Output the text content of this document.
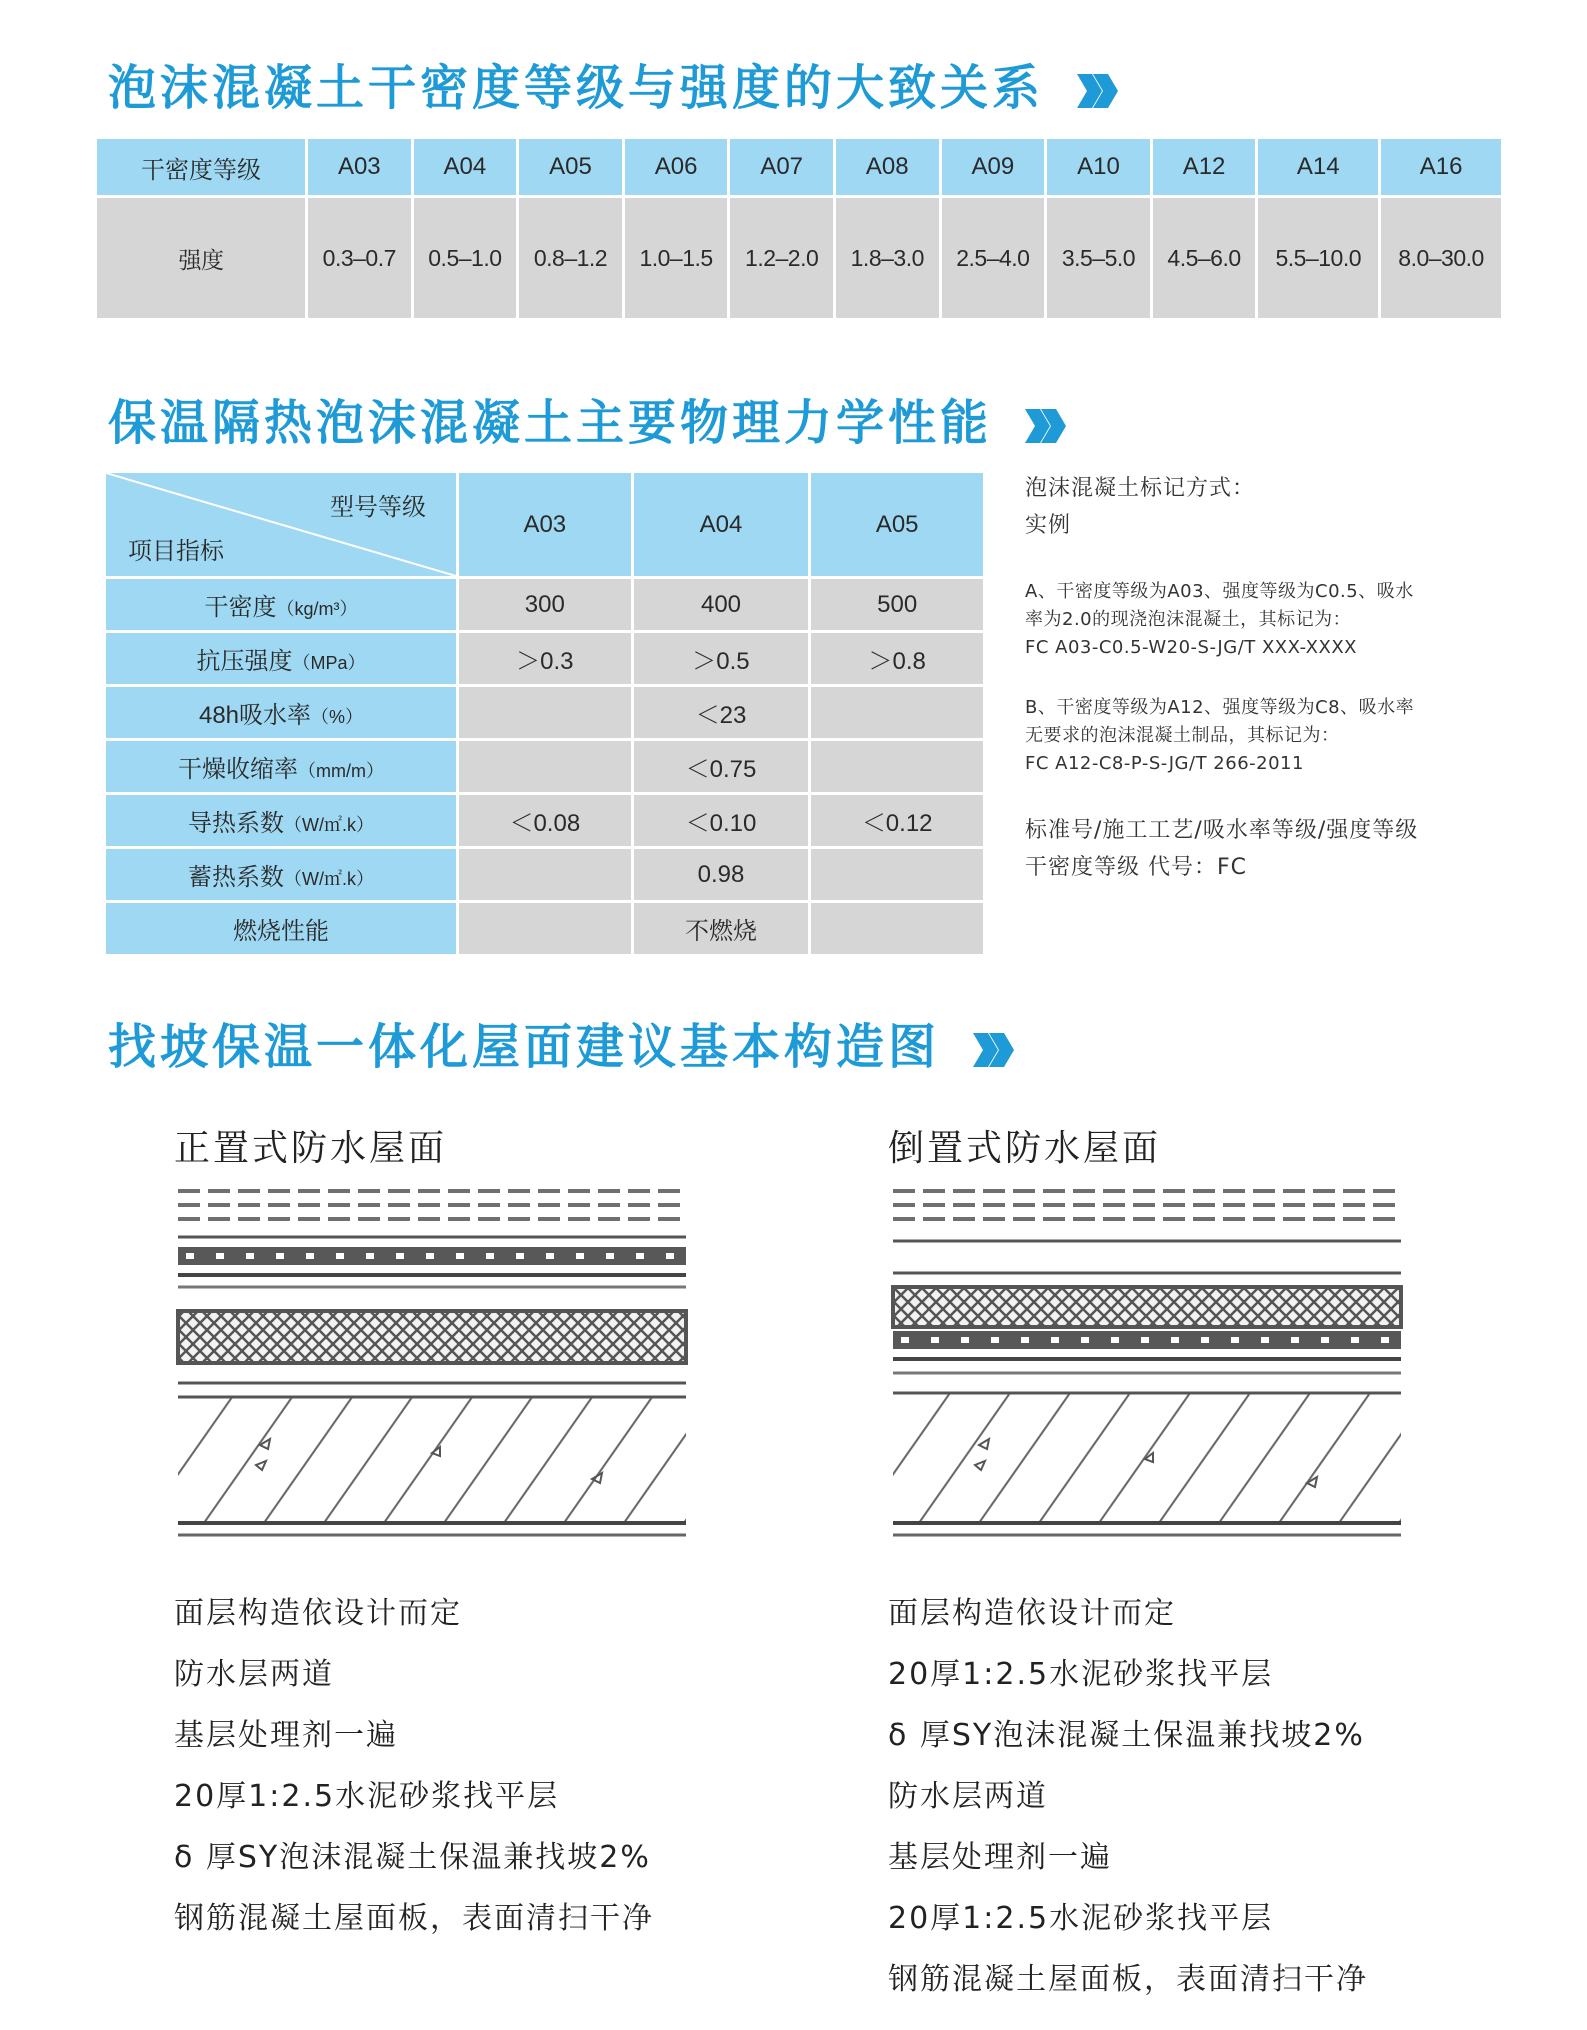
泡沫混凝土干密度等级与强度的大致关系
干密度等级	A03	A04	A05	A06	A07	A08	A09	A10	A12	A14	A16
强度	0.3–0.7	0.5–1.0	0.8–1.2	1.0–1.5	1.2–2.0	1.8–3.0	2.5–4.0	3.5–5.0	4.5–6.0	5.5–10.0	8.0–30.0
保温隔热泡沫混凝土主要物理力学性能
型号等级
项目指标	A03	A04	A05
干密度（kg/m³）	300	400	500
抗压强度（MPa）	＞0.3	＞0.5	＞0.8
48h吸水率（%）		＜23	
干燥收缩率（mm/m）		＜0.75	
导热系数（W/㎡.k）	＜0.08	＜0.10	＜0.12
蓄热系数（W/㎡.k）		0.98	
燃烧性能		不燃烧	
泡沫混凝土标记方式：
实例
A、干密度等级为A03、强度等级为C0.5、吸水
率为2.0的现浇泡沫混凝土，其标记为：
FC A03-C0.5-W20-S-JG/T XXX-XXXX
B、干密度等级为A12、强度等级为C8、吸水率
无要求的泡沫混凝土制品，其标记为：
FC A12-C8-P-S-JG/T 266-2011
标准号/施工工艺/吸水率等级/强度等级
干密度等级 代号：FC
找坡保温一体化屋面建议基本构造图
正置式防水屋面	倒置式防水屋面
面层构造依设计而定
防水层两道
基层处理剂一遍
20厚1:2.5水泥砂浆找平层
δ 厚SY泡沫混凝土保温兼找坡2%
钢筋混凝土屋面板，表面清扫干净
面层构造依设计而定
20厚1:2.5水泥砂浆找平层
δ 厚SY泡沫混凝土保温兼找坡2%
防水层两道
基层处理剂一遍
20厚1:2.5水泥砂浆找平层
钢筋混凝土屋面板，表面清扫干净
